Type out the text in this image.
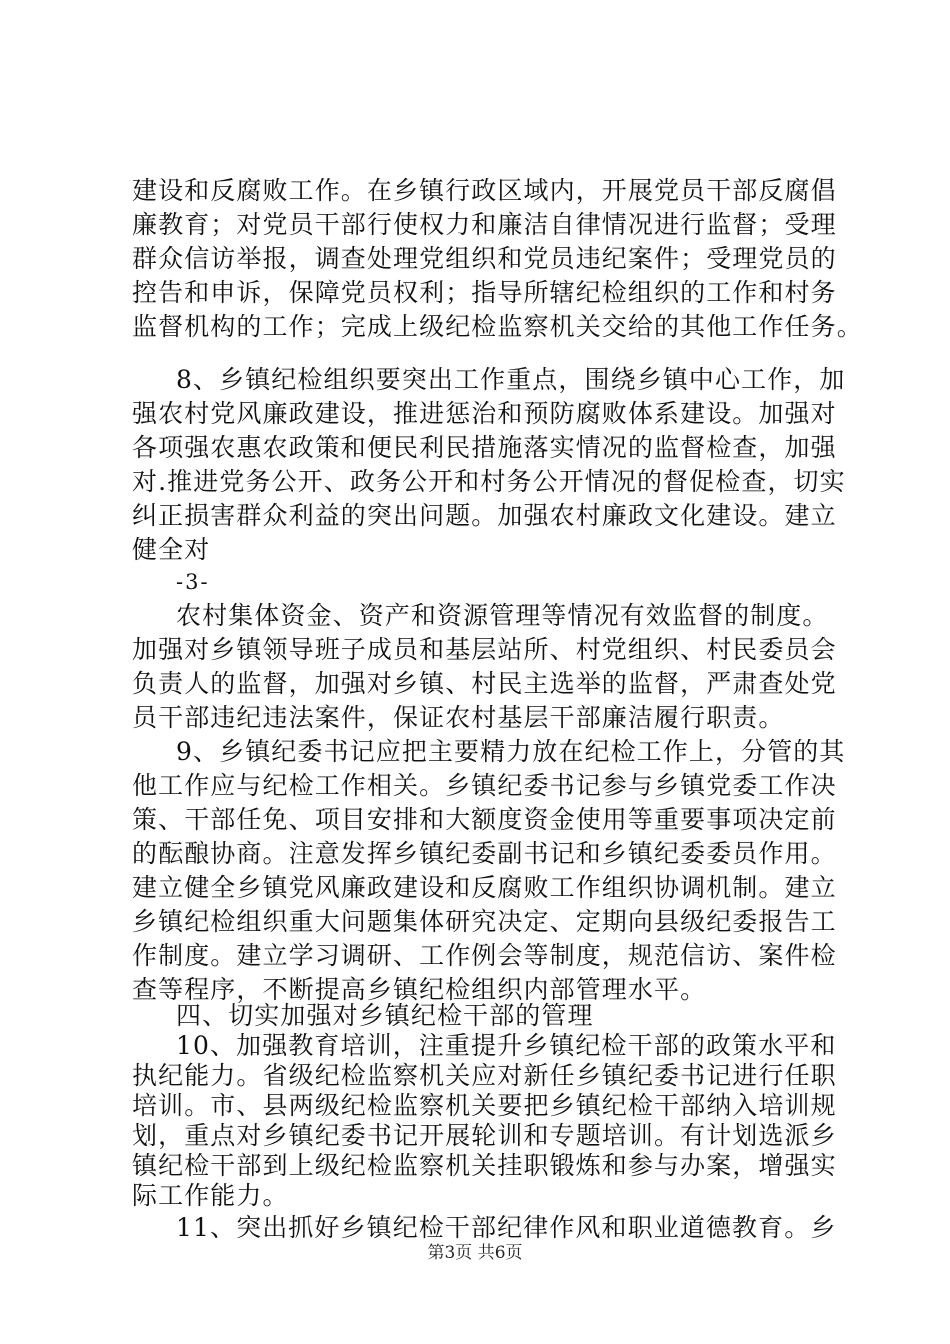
建设和反腐败工作。在乡镇行政区域内，开展党员干部反腐倡
廉教育；对党员干部行使权力和廉洁自律情况进行监督；受理
群众信访举报，调查处理党组织和党员违纪案件；受理党员的
控告和申诉，保障党员权利；指导所辖纪检组织的工作和村务
监督机构的工作；完成上级纪检监察机关交给的其他工作任务。
8、乡镇纪检组织要突出工作重点，围绕乡镇中心工作，加
强农村党风廉政建设，推进惩治和预防腐败体系建设。加强对
各项强农惠农政策和便民利民措施落实情况的监督检查，加强
对.推进党务公开、政务公开和村务公开情况的督促检查，切实
纠正损害群众利益的突出问题。加强农村廉政文化建设。建立
健全对
-3-
农村集体资金、资产和资源管理等情况有效监督的制度。
加强对乡镇领导班子成员和基层站所、村党组织、村民委员会
负责人的监督，加强对乡镇、村民主选举的监督，严肃查处党
员干部违纪违法案件，保证农村基层干部廉洁履行职责。
9、乡镇纪委书记应把主要精力放在纪检工作上，分管的其
他工作应与纪检工作相关。乡镇纪委书记参与乡镇党委工作决
策、干部任免、项目安排和大额度资金使用等重要事项决定前
的酝酿协商。注意发挥乡镇纪委副书记和乡镇纪委委员作用。
建立健全乡镇党风廉政建设和反腐败工作组织协调机制。建立
乡镇纪检组织重大问题集体研究决定、定期向县级纪委报告工
作制度。建立学习调研、工作例会等制度，规范信访、案件检
查等程序，不断提高乡镇纪检组织内部管理水平。
四、切实加强对乡镇纪检干部的管理
10、加强教育培训，注重提升乡镇纪检干部的政策水平和
执纪能力。省级纪检监察机关应对新任乡镇纪委书记进行任职
培训。市、县两级纪检监察机关要把乡镇纪检干部纳入培训规
划，重点对乡镇纪委书记开展轮训和专题培训。有计划选派乡
镇纪检干部到上级纪检监察机关挂职锻炼和参与办案，增强实
际工作能力。
第3页 共6页
11、突出抓好乡镇纪检干部纪律作风和职业道德教育。乡
